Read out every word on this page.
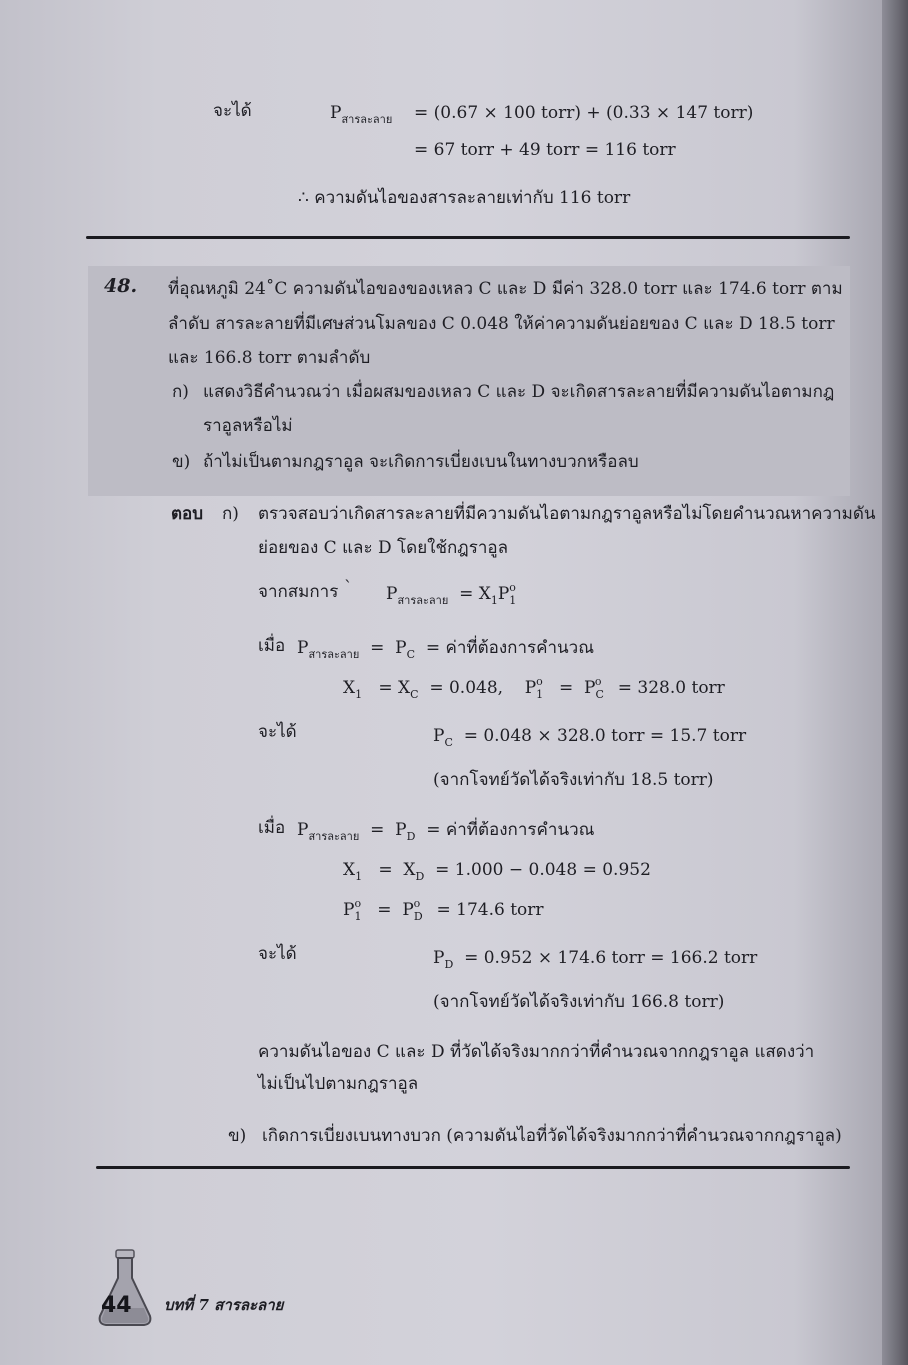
จะได้	$P_{สารละลาย} = (0.67 \times 100$ torr) + (0.33 × 147 torr)
= 67 torr + 49 torr = 116 torr
∴ ความดันไอของสารละลายเท่ากับ 116 torr
48. ที่อุณหภูมิ 24˚C ความดันไอของของเหลว C และ D มีค่า 328.0 torr และ 174.6 torr ตาม
ลำดับ สารละลายที่มีเศษส่วนโมลของ C 0.048 ให้ค่าความดันย่อยของ C และ D 18.5 torr
และ 166.8 torr ตามลำดับ
ก) แสดงวิธีคำนวณว่า เมื่อผสมของเหลว C และ D จะเกิดสารละลายที่มีความดันไอตามกฎ
ราอูลหรือไม่
ข) ถ้าไม่เป็นตามกฎราอูล จะเกิดการเบี่ยงเบนในทางบวกหรือลบ
ตอบ ก) ตรวจสอบว่าเกิดสารละลายที่มีความดันไอตามกฎราอูลหรือไม่โดยคำนวณหาความดัน
ย่อยของ C และ D โดยใช้กฎราอูล
จากสมการ ` $P_{สารละลาย} = X_1P_1^o$
เมื่อ $P_{สารละลาย} = P_C$ = ค่าที่ต้องการคำนวณ
$X_1 = X_C = 0.048$, $P_1^o = P_C^o = 328.0$ torr
จะได้	$P_C = 0.048 \times 328.0$ torr = 15.7 torr
(จากโจทย์วัดได้จริงเท่ากับ 18.5 torr)
เมื่อ $P_{สารละลาย} = P_D$ = ค่าที่ต้องการคำนวณ
$X_1 = X_D = 1.000 - 0.048 = 0.952$
$P_1^o = P_D^o = 174.6$ torr
จะได้	$P_D = 0.952 \times 174.6$ torr = 166.2 torr
(จากโจทย์วัดได้จริงเท่ากับ 166.8 torr)
ความดันไอของ C และ D ที่วัดได้จริงมากกว่าที่คำนวณจากกฎราอูล แสดงว่า
ไม่เป็นไปตามกฎราอูล
ข) เกิดการเบี่ยงเบนทางบวก (ความดันไอที่วัดได้จริงมากกว่าที่คำนวณจากกฎราอูล)
44 บทที่ 7 สารละลาย
